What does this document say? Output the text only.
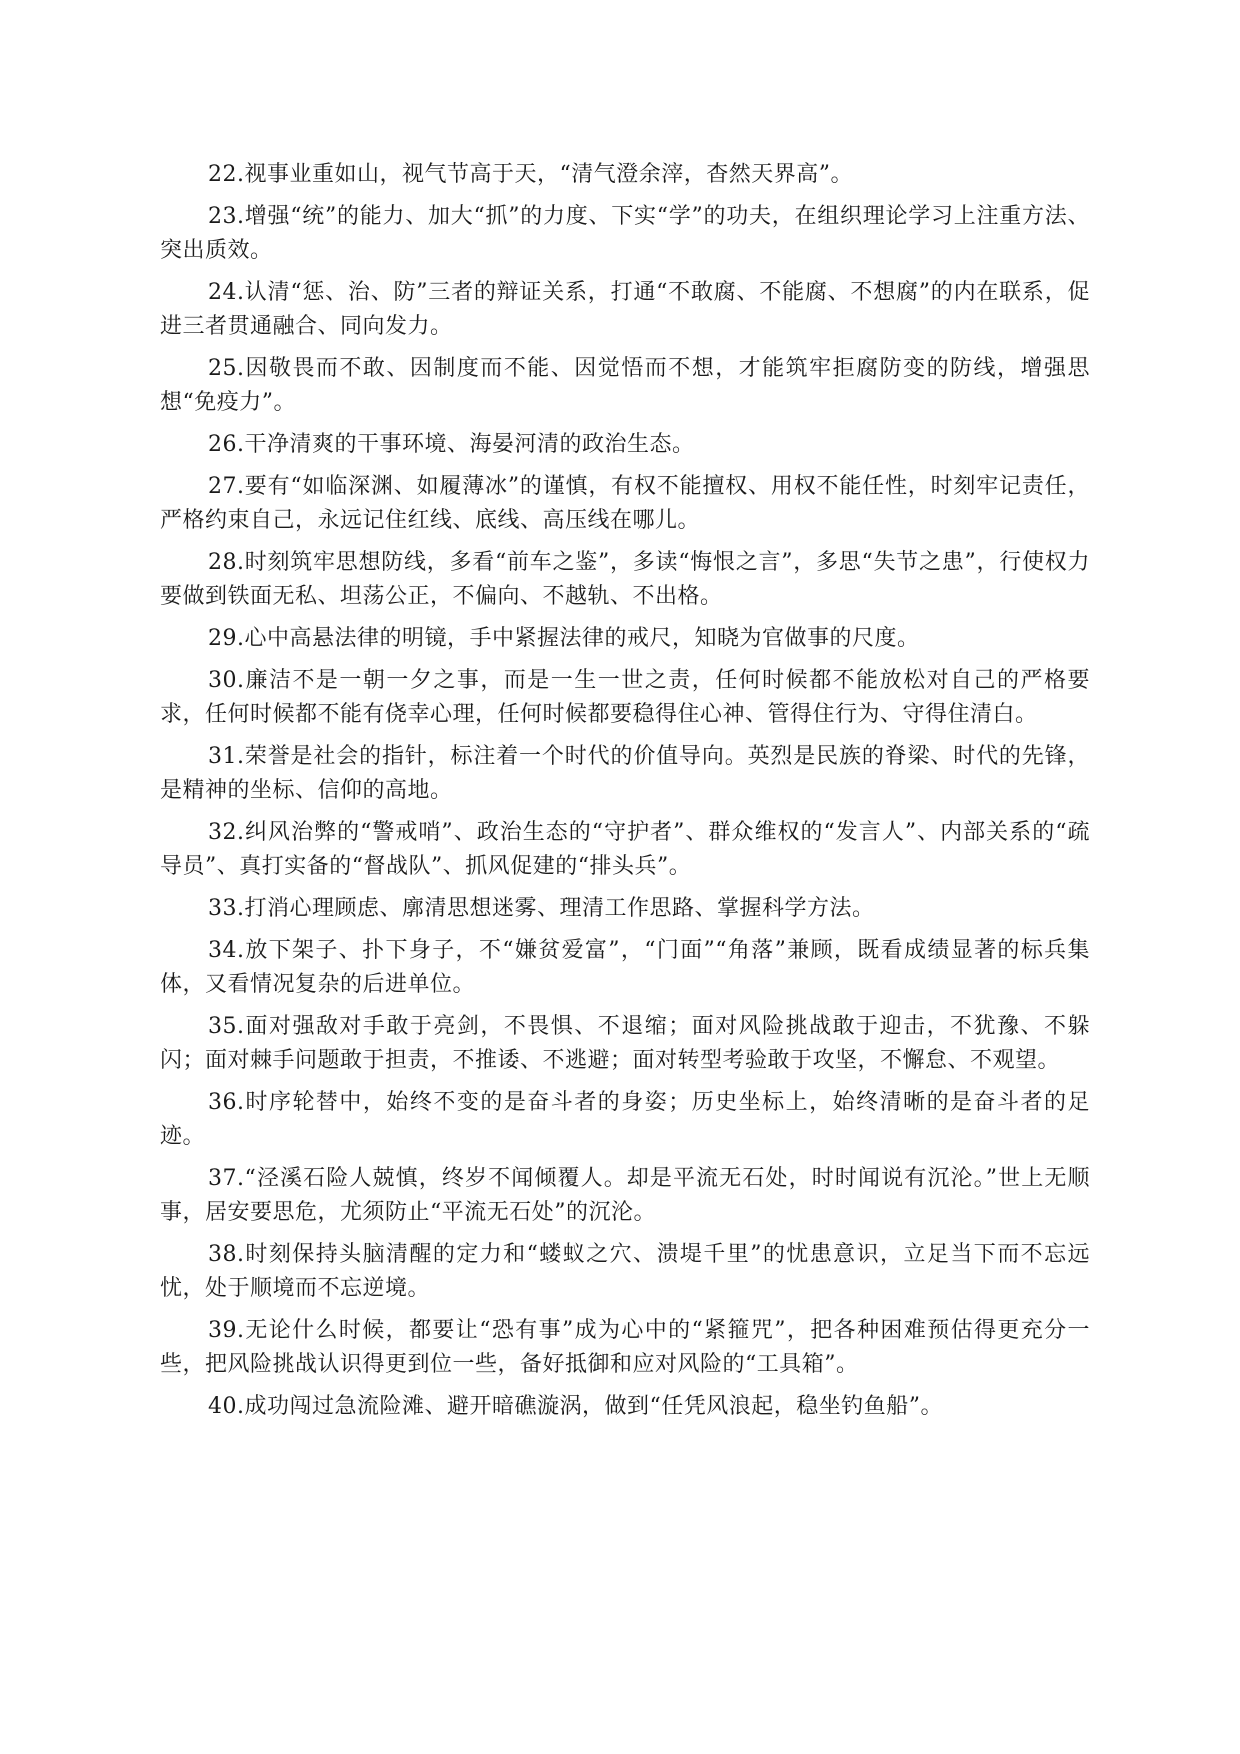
22.视事业重如山，视气节高于天，“清气澄余滓，杳然天界高”。

23.增强“统”的能力、加大“抓”的力度、下实“学”的功夫，在组织理论学习上注重方法、突出质效。

24.认清“惩、治、防”三者的辩证关系，打通“不敢腐、不能腐、不想腐”的内在联系，促进三者贯通融合、同向发力。

25.因敬畏而不敢、因制度而不能、因觉悟而不想，才能筑牢拒腐防变的防线，增强思想“免疫力”。

26.干净清爽的干事环境、海晏河清的政治生态。

27.要有“如临深渊、如履薄冰”的谨慎，有权不能擅权、用权不能任性，时刻牢记责任，严格约束自己，永远记住红线、底线、高压线在哪儿。

28.时刻筑牢思想防线，多看“前车之鉴”，多读“悔恨之言”，多思“失节之患”，行使权力要做到铁面无私、坦荡公正，不偏向、不越轨、不出格。

29.心中高悬法律的明镜，手中紧握法律的戒尺，知晓为官做事的尺度。

30.廉洁不是一朝一夕之事，而是一生一世之责，任何时候都不能放松对自己的严格要求，任何时候都不能有侥幸心理，任何时候都要稳得住心神、管得住行为、守得住清白。

31.荣誉是社会的指针，标注着一个时代的价值导向。英烈是民族的脊梁、时代的先锋，是精神的坐标、信仰的高地。

32.纠风治弊的“警戒哨”、政治生态的“守护者”、群众维权的“发言人”、内部关系的“疏导员”、真打实备的“督战队”、抓风促建的“排头兵”。

33.打消心理顾虑、廓清思想迷雾、理清工作思路、掌握科学方法。

34.放下架子、扑下身子，不“嫌贫爱富”，“门面”“角落”兼顾，既看成绩显著的标兵集体，又看情况复杂的后进单位。

35.面对强敌对手敢于亮剑，不畏惧、不退缩；面对风险挑战敢于迎击，不犹豫、不躲闪；面对棘手问题敢于担责，不推诿、不逃避；面对转型考验敢于攻坚，不懈怠、不观望。

36.时序轮替中，始终不变的是奋斗者的身姿；历史坐标上，始终清晰的是奋斗者的足迹。

37.“泾溪石险人兢慎，终岁不闻倾覆人。却是平流无石处，时时闻说有沉沦。”世上无顺事，居安要思危，尤须防止“平流无石处”的沉沦。

38.时刻保持头脑清醒的定力和“蝼蚁之穴、溃堤千里”的忧患意识，立足当下而不忘远忧，处于顺境而不忘逆境。

39.无论什么时候，都要让“恐有事”成为心中的“紧箍咒”，把各种困难预估得更充分一些，把风险挑战认识得更到位一些，备好抵御和应对风险的“工具箱”。

40.成功闯过急流险滩、避开暗礁漩涡，做到“任凭风浪起，稳坐钓鱼船”。
